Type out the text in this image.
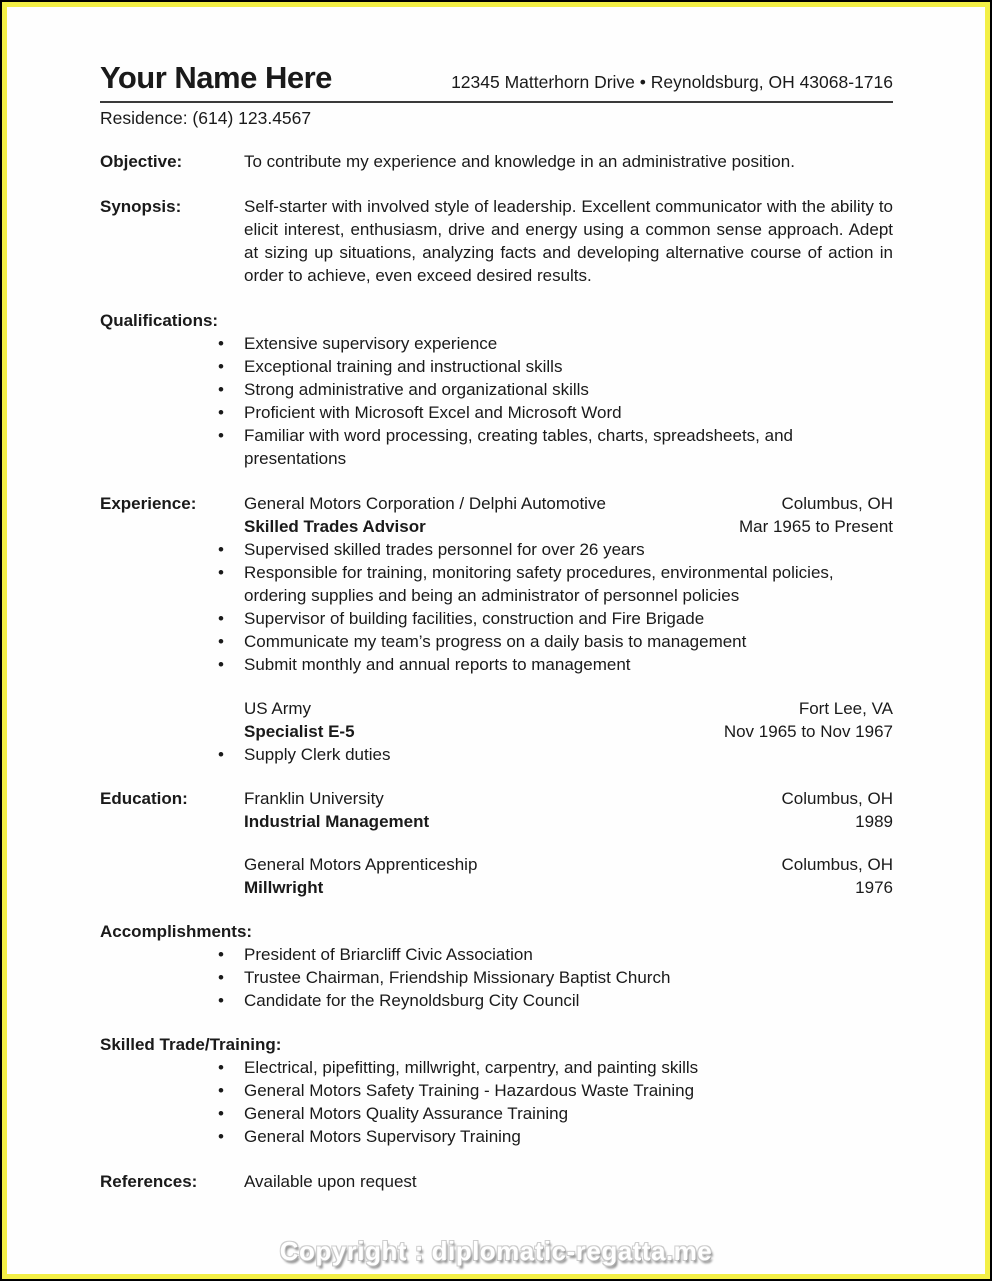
Your Name Here	12345 Matterhorn Drive • Reynoldsburg, OH 43068-1716
Residence: (614) 123.4567
Objective:	To contribute my experience and knowledge in an administrative position.
Synopsis:	Self-starter with involved style of leadership. Excellent communicator with the ability to elicit interest, enthusiasm, drive and energy using a common sense approach. Adept at sizing up situations, analyzing facts and developing alternative course of action in order to achieve, even exceed desired results.
Qualifications:
• Extensive supervisory experience
• Exceptional training and instructional skills
• Strong administrative and organizational skills
• Proficient with Microsoft Excel and Microsoft Word
• Familiar with word processing, creating tables, charts, spreadsheets, and presentations
Experience:	General Motors Corporation / Delphi Automotive	Columbus, OH
Skilled Trades Advisor	Mar 1965 to Present
• Supervised skilled trades personnel for over 26 years
• Responsible for training, monitoring safety procedures, environmental policies, ordering supplies and being an administrator of personnel policies
• Supervisor of building facilities, construction and Fire Brigade
• Communicate my team’s progress on a daily basis to management
• Submit monthly and annual reports to management
US Army	Fort Lee, VA
Specialist E-5	Nov 1965 to Nov 1967
• Supply Clerk duties
Education:	Franklin University	Columbus, OH
Industrial Management	1989
General Motors Apprenticeship	Columbus, OH
Millwright	1976
Accomplishments:
• President of Briarcliff Civic Association
• Trustee Chairman, Friendship Missionary Baptist Church
• Candidate for the Reynoldsburg City Council
Skilled Trade/Training:
• Electrical, pipefitting, millwright, carpentry, and painting skills
• General Motors Safety Training - Hazardous Waste Training
• General Motors Quality Assurance Training
• General Motors Supervisory Training
References:	Available upon request
Copyright : diplomatic-regatta.me
